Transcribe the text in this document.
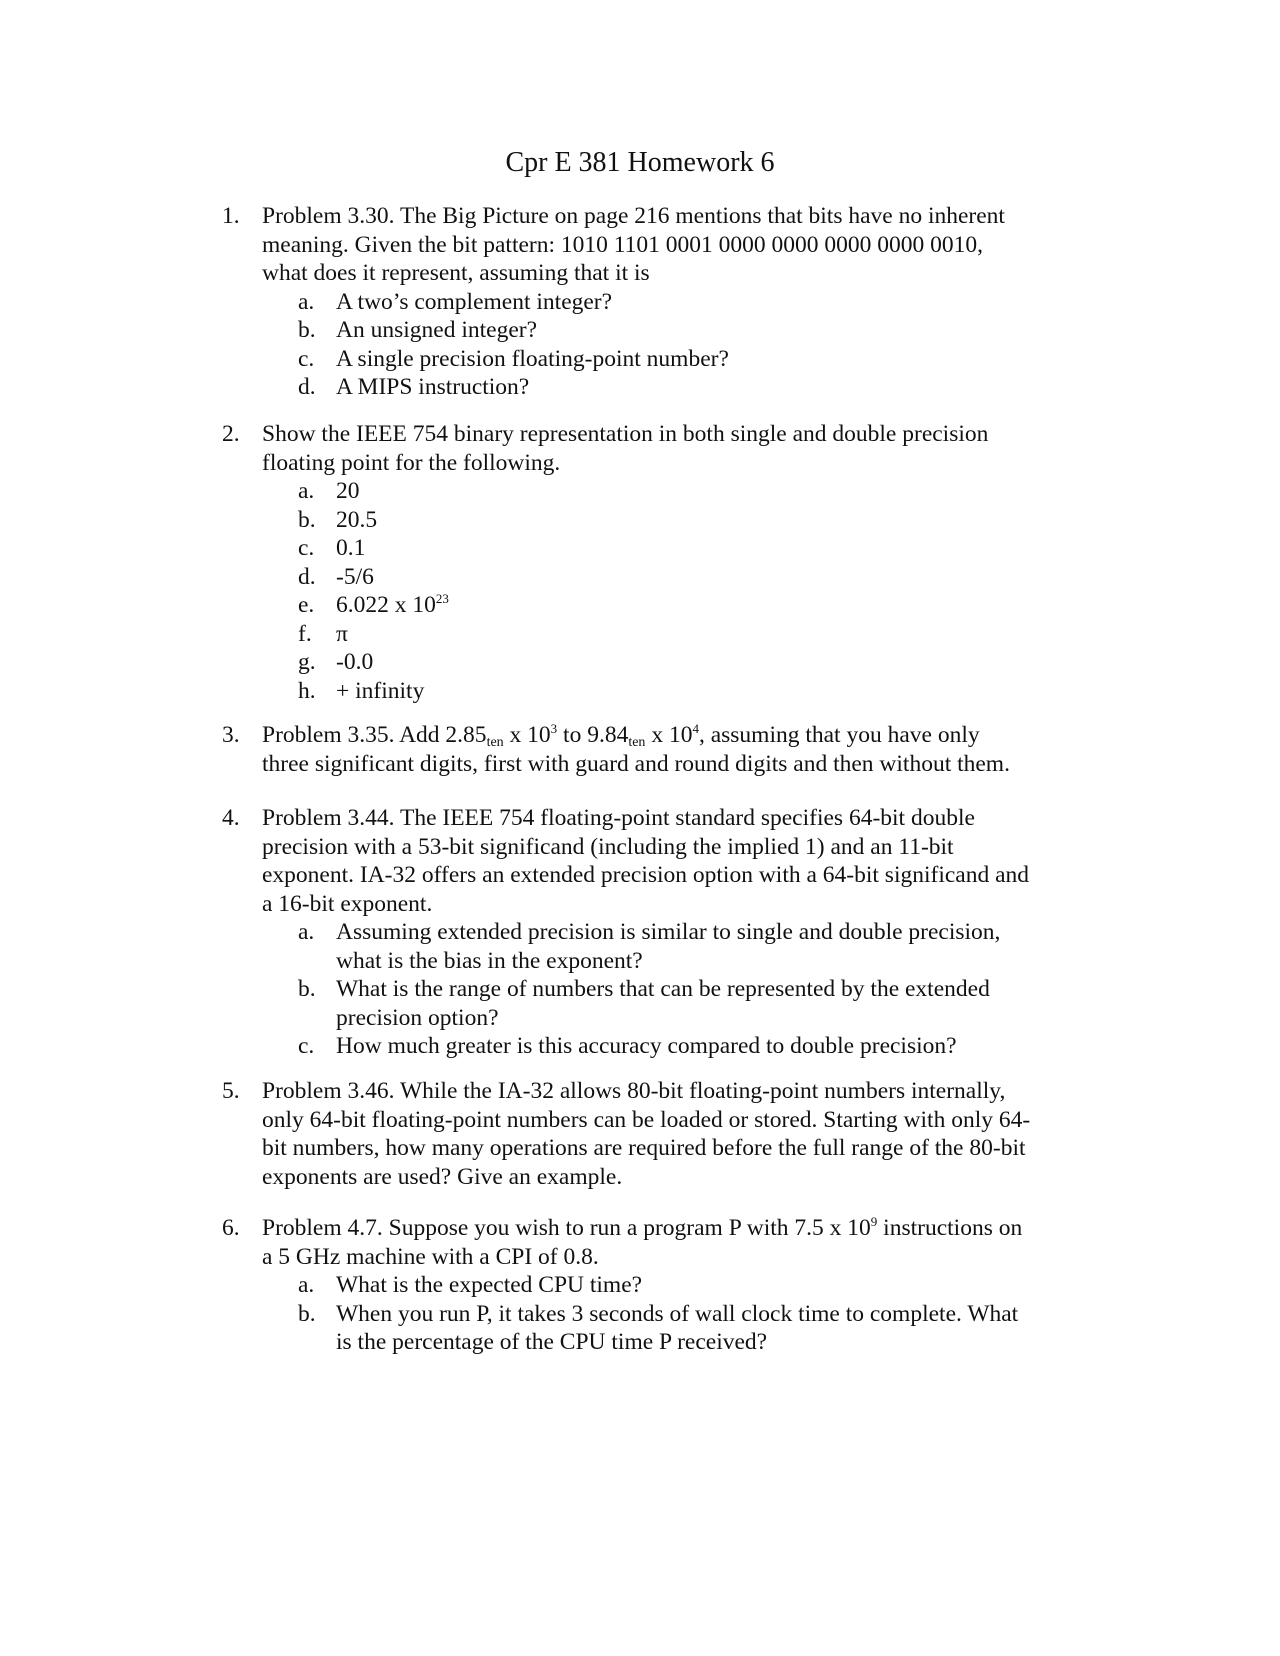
Cpr E 381 Homework 6
1. Problem 3.30. The Big Picture on page 216 mentions that bits have no inherent
meaning. Given the bit pattern: 1010 1101 0001 0000 0000 0000 0000 0010,
what does it represent, assuming that it is
a. A two’s complement integer?
b. An unsigned integer?
c. A single precision floating-point number?
d. A MIPS instruction?
2. Show the IEEE 754 binary representation in both single and double precision
floating point for the following.
a. 20
b. 20.5
c. 0.1
d. -5/6
e. 6.022 x $10^{23}$
f. π
g. -0.0
h. + infinity
3. Problem 3.35. Add $2.85_{ten}$ x $10^3$ to $9.84_{ten}$ x $10^4$, assuming that you have only
three significant digits, first with guard and round digits and then without them.
4. Problem 3.44. The IEEE 754 floating-point standard specifies 64-bit double
precision with a 53-bit significand (including the implied 1) and an 11-bit
exponent. IA-32 offers an extended precision option with a 64-bit significand and
a 16-bit exponent.
a. Assuming extended precision is similar to single and double precision,
what is the bias in the exponent?
b. What is the range of numbers that can be represented by the extended
precision option?
c. How much greater is this accuracy compared to double precision?
5. Problem 3.46. While the IA-32 allows 80-bit floating-point numbers internally,
only 64-bit floating-point numbers can be loaded or stored. Starting with only 64-
bit numbers, how many operations are required before the full range of the 80-bit
exponents are used? Give an example.
6. Problem 4.7. Suppose you wish to run a program P with 7.5 x $10^9$ instructions on
a 5 GHz machine with a CPI of 0.8.
a. What is the expected CPU time?
b. When you run P, it takes 3 seconds of wall clock time to complete. What
is the percentage of the CPU time P received?
